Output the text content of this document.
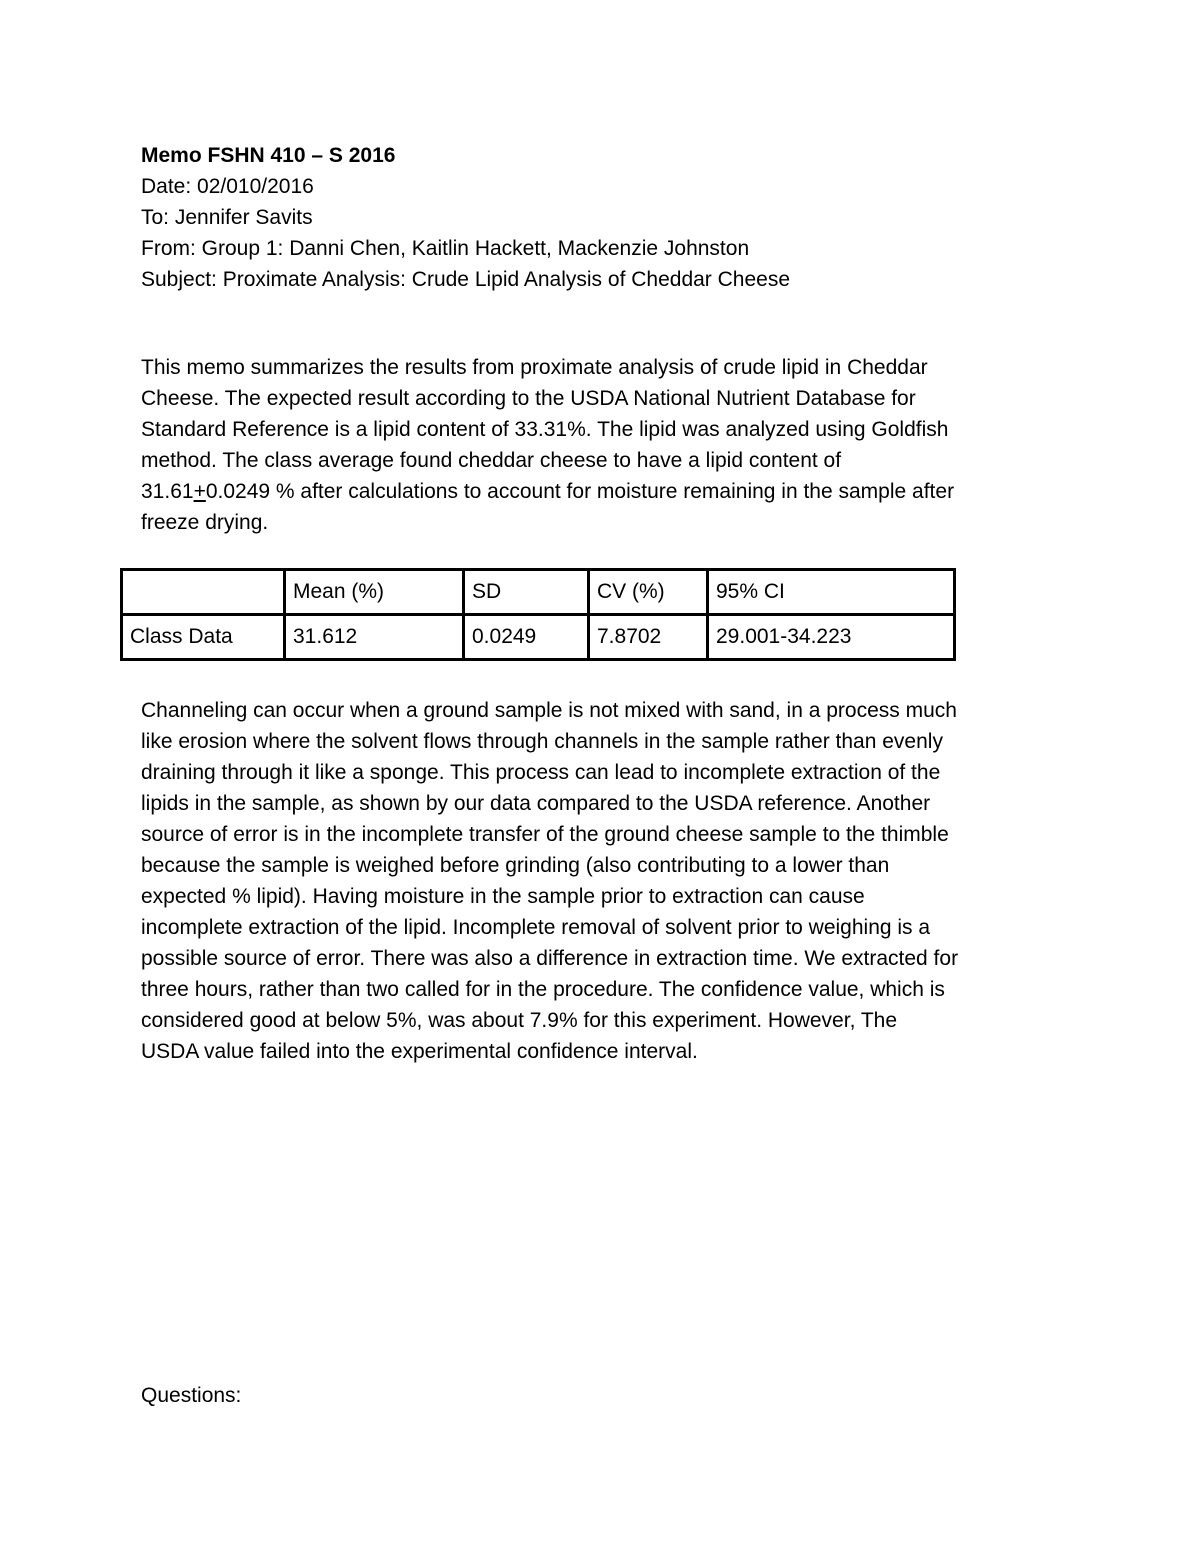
Memo FSHN 410 – S 2016
Date: 02/010/2016
To: Jennifer Savits
From: Group 1: Danni Chen, Kaitlin Hackett, Mackenzie Johnston
Subject: Proximate Analysis: Crude Lipid Analysis of Cheddar Cheese
This memo summarizes the results from proximate analysis of crude lipid in Cheddar
Cheese. The expected result according to the USDA National Nutrient Database for
Standard Reference is a lipid content of 33.31%. The lipid was analyzed using Goldfish
method. The class average found cheddar cheese to have a lipid content of
31.61+0.0249 % after calculations to account for moisture remaining in the sample after
freeze drying.
	Mean (%)	SD	CV (%)	95% CI
Class Data	31.612	0.0249	7.8702	29.001-34.223
Channeling can occur when a ground sample is not mixed with sand, in a process much
like erosion where the solvent flows through channels in the sample rather than evenly
draining through it like a sponge. This process can lead to incomplete extraction of the
lipids in the sample, as shown by our data compared to the USDA reference. Another
source of error is in the incomplete transfer of the ground cheese sample to the thimble
because the sample is weighed before grinding (also contributing to a lower than
expected % lipid). Having moisture in the sample prior to extraction can cause
incomplete extraction of the lipid. Incomplete removal of solvent prior to weighing is a
possible source of error. There was also a difference in extraction time. We extracted for
three hours, rather than two called for in the procedure. The confidence value, which is
considered good at below 5%, was about 7.9% for this experiment. However, The
USDA value failed into the experimental confidence interval.
Questions:
